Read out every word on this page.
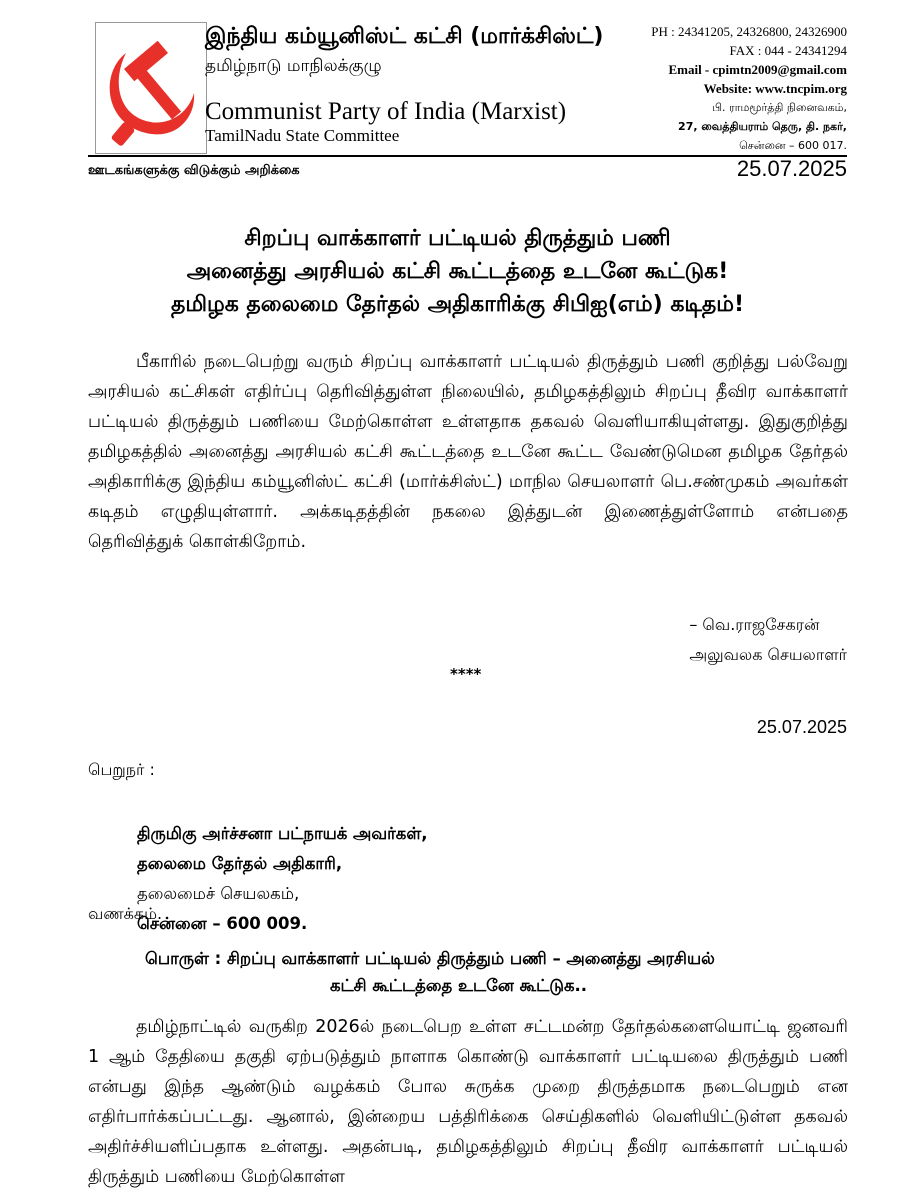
இந்திய கம்யூனிஸ்ட் கட்சி (மார்க்சிஸ்ட்)
தமிழ்நாடு மாநிலக்குழு
Communist Party of India (Marxist)
TamilNadu State Committee
PH : 24341205, 24326800, 24326900
FAX : 044 - 24341294
Email - cpimtn2009@gmail.com
Website: www.tncpim.org
பி. ராமமூர்த்தி நினைவகம்,
27, வைத்தியராம் தெரு, தி. நகர்,
சென்னை – 600 017.
ஊடகங்களுக்கு விடுக்கும் அறிக்கை	25.07.2025
சிறப்பு வாக்காளர் பட்டியல் திருத்தும் பணி
அனைத்து அரசியல் கட்சி கூட்டத்தை உடனே கூட்டுக!
தமிழக தலைமை தேர்தல் அதிகாரிக்கு சிபிஐ(எம்) கடிதம்!
பீகாரில் நடைபெற்று வரும் சிறப்பு வாக்காளர் பட்டியல் திருத்தும் பணி குறித்து பல்வேறு அரசியல் கட்சிகள் எதிர்ப்பு தெரிவித்துள்ள நிலையில், தமிழகத்திலும் சிறப்பு தீவிர வாக்காளர் பட்டியல் திருத்தும் பணியை மேற்கொள்ள உள்ளதாக தகவல் வெளியாகியுள்ளது. இதுகுறித்து தமிழகத்தில் அனைத்து அரசியல் கட்சி கூட்டத்தை உடனே கூட்ட வேண்டுமென தமிழக தேர்தல் அதிகாரிக்கு இந்திய கம்யூனிஸ்ட் கட்சி (மார்க்சிஸ்ட்) மாநில செயலாளர் பெ.சண்முகம் அவர்கள் கடிதம் எழுதியுள்ளார். அக்கடிதத்தின் நகலை இத்துடன் இணைத்துள்ளோம் என்பதை தெரிவித்துக் கொள்கிறோம்.
– வெ.ராஜசேகரன்
அலுவலக செயலாளர்
****
25.07.2025
பெறுநர் :
திருமிகு அர்ச்சனா பட்நாயக் அவர்கள்,
தலைமை தேர்தல் அதிகாரி,
தலைமைச் செயலகம்,
சென்னை – 600 009.
வணக்கம்.
பொருள் : சிறப்பு வாக்காளர் பட்டியல் திருத்தும் பணி – அனைத்து அரசியல்
கட்சி கூட்டத்தை உடனே கூட்டுக..
தமிழ்நாட்டில் வருகிற 2026ல் நடைபெற உள்ள சட்டமன்ற தேர்தல்களையொட்டி ஜனவரி 1 ஆம் தேதியை தகுதி ஏற்படுத்தும் நாளாக கொண்டு வாக்காளர் பட்டியலை திருத்தும் பணி என்பது இந்த ஆண்டும் வழக்கம் போல சுருக்க முறை திருத்தமாக நடைபெறும் என எதிர்பார்க்கப்பட்டது. ஆனால், இன்றைய பத்திரிக்கை செய்திகளில் வெளியிட்டுள்ள தகவல் அதிர்ச்சியளிப்பதாக உள்ளது. அதன்படி, தமிழகத்திலும் சிறப்பு தீவிர வாக்காளர் பட்டியல் திருத்தும் பணியை மேற்கொள்ள
